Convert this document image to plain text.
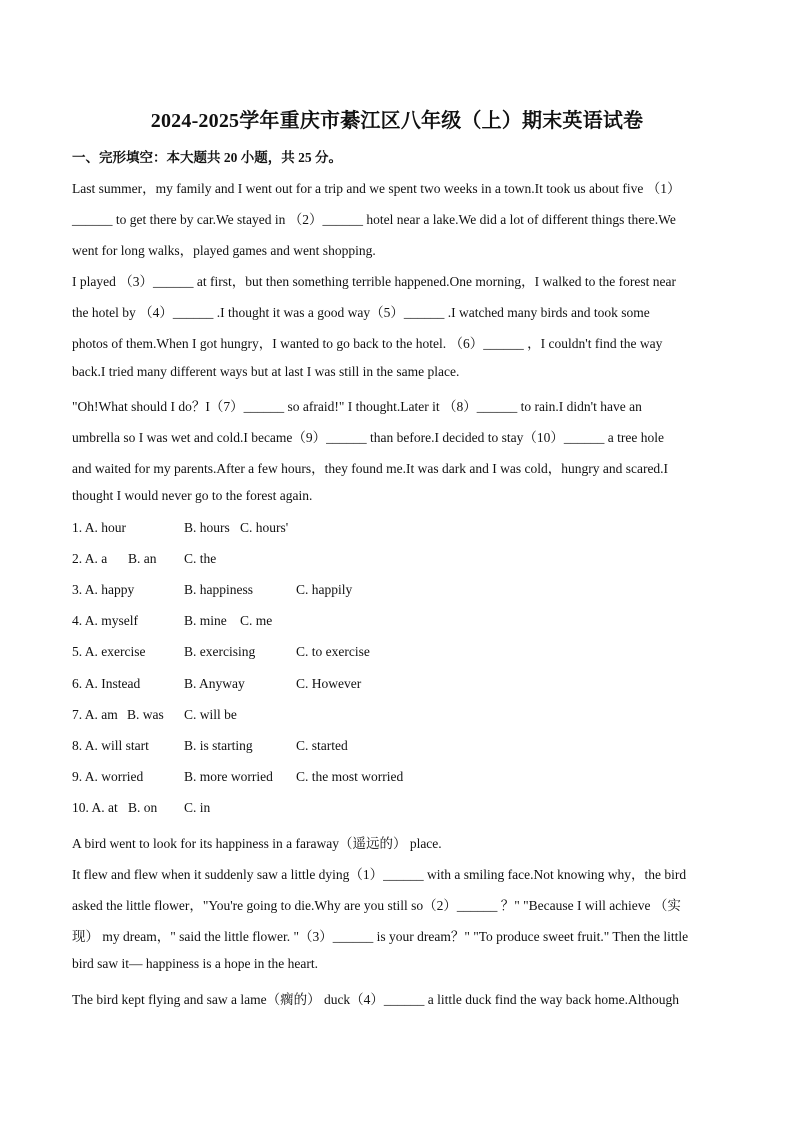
2024-2025学年重庆市綦江区八年级（上）期末英语试卷
一、完形填空：本大题共 20 小题，共 25 分。
Last summer，my family and I went out for a trip and we spent two weeks in a town.It took us about five （1）
______ to get there by car.We stayed in （2）______ hotel near a lake.We did a lot of different things there.We
went for long walks，played games and went shopping.
I played （3）______ at first，but then something terrible happened.One morning，I walked to the forest near
the hotel by （4）______ .I thought it was a good way（5）______ .I watched many birds and took some
photos of them.When I got hungry，I wanted to go back to the hotel. （6）______ ，I couldn't find the way
back.I tried many different ways but at last I was still in the same place.
"Oh!What should I do？I（7）______ so afraid!" I thought.Later it （8）______ to rain.I didn't have an
umbrella so I was wet and cold.I became（9）______ than before.I decided to stay（10）______ a tree hole
and waited for my parents.After a few hours，they found me.It was dark and I was cold，hungry and scared.I
thought I would never go to the forest again.
1. A. hour	B. hours C. hours'
2. A. a B. an C. the
3. A. happy	B. happiness	C. happily
4. A. myself	B. mine C. me
5. A. exercise	B. exercising	C. to exercise
6. A. Instead	B. Anyway	C. However
7. A. am B. was C. will be
8. A. will start	B. is starting	C. started
9. A. worried	B. more worried C. the most worried
10. A. at B. on C. in
A bird went to look for its happiness in a faraway（遥远的） place.
It flew and flew when it suddenly saw a little dying（1）______ with a smiling face.Not knowing why，the bird
asked the little flower，"You're going to die.Why are you still so（2）______ ？" "Because I will achieve （实
现） my dream，" said the little flower. "（3）______ is your dream？" "To produce sweet fruit." Then the little
bird saw it— happiness is a hope in the heart.
The bird kept flying and saw a lame（瘸的） duck（4）______ a little duck find the way back home.Although
